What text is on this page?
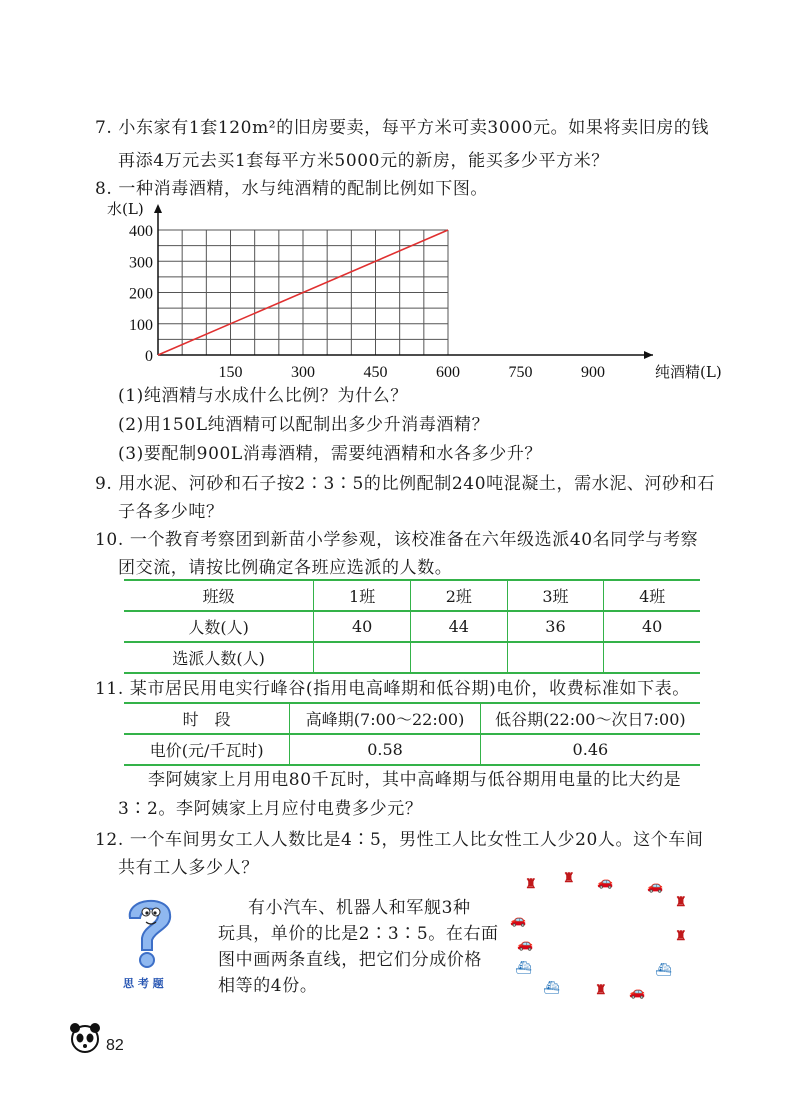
7. 小东家有1套120m²的旧房要卖，每平方米可卖3000元。如果将卖旧房的钱
再添4万元去买1套每平方米5000元的新房，能买多少平方米？
8. 一种消毒酒精，水与纯酒精的配制比例如下图。
150	300	450	600	750	900
0
100
200
300
400
水(L)
纯酒精(L)
(1)纯酒精与水成什么比例？为什么？
(2)用150L纯酒精可以配制出多少升消毒酒精？
(3)要配制900L消毒酒精，需要纯酒精和水各多少升？
9. 用水泥、河砂和石子按2∶3∶5的比例配制240吨混凝土，需水泥、河砂和石
子各多少吨？
10. 一个教育考察团到新苗小学参观，该校准备在六年级选派40名同学与考察
团交流，请按比例确定各班应选派的人数。
班级	1班	2班	3班	4班
人数(人)	40	44	36	40
选派人数(人)				
11. 某市居民用电实行峰谷(指用电高峰期和低谷期)电价，收费标准如下表。
时　段	高峰期(7:00～22:00)	低谷期(22:00～次日7:00)
电价(元/千瓦时)	0.58	0.46
李阿姨家上月用电80千瓦时，其中高峰期与低谷期用电量的比大约是
3∶2。李阿姨家上月应付电费多少元？
12. 一个车间男女工人人数比是4∶5，男性工人比女性工人少20人。这个车间
共有工人多少人？
思 考 题
有小汽车、机器人和军舰3种
玩具，单价的比是2∶3∶5。在右面
图中画两条直线，把它们分成价格
相等的4份。
♜ ♜ 🚗	🚗
♜
🚗
♜
🚗
⛴	⛴
⛴	♜ 🚗
82
